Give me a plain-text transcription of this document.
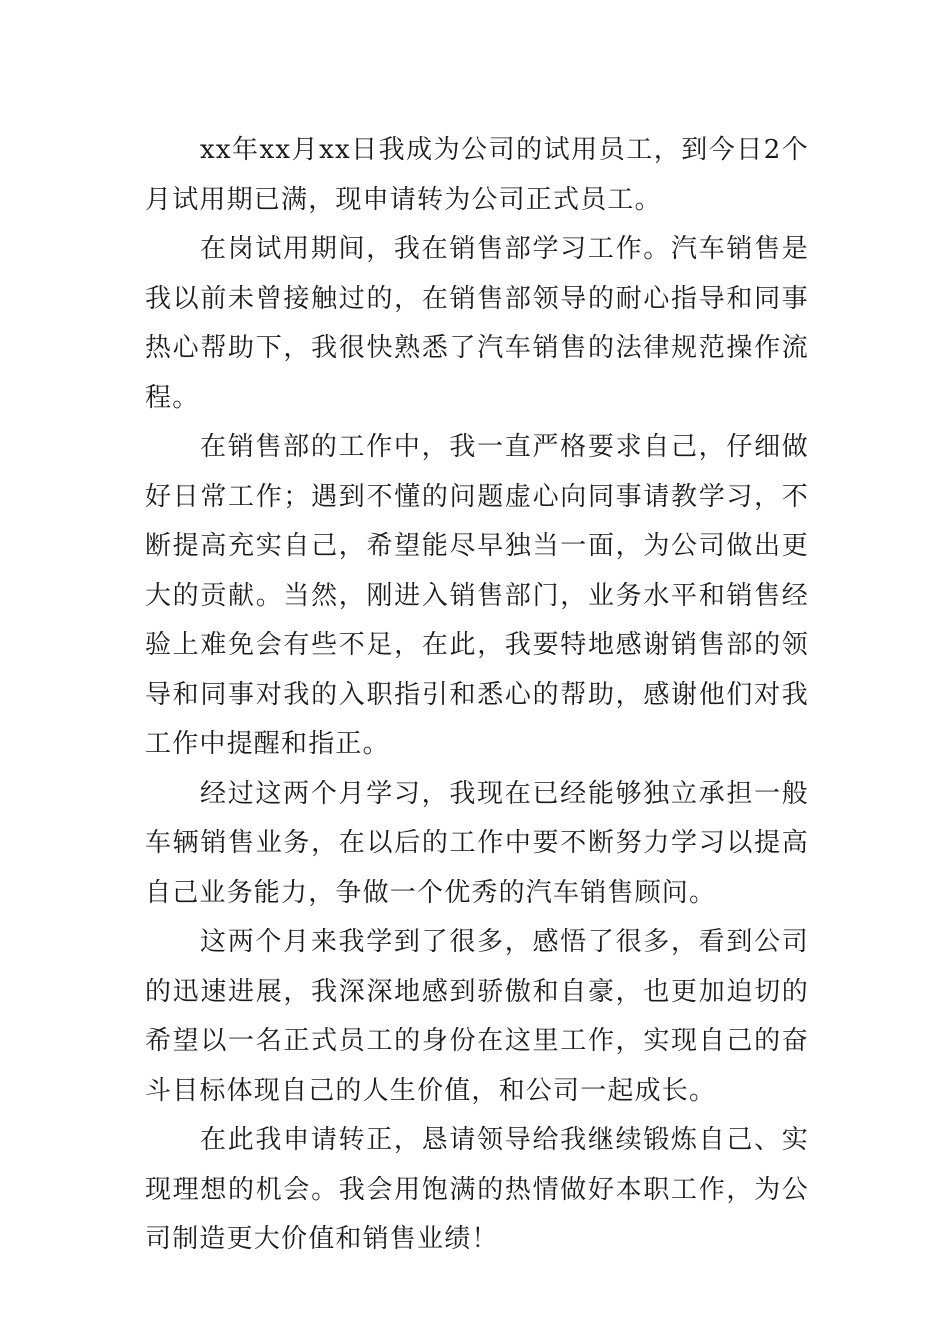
xx年xx月xx日我成为公司的试用员工，到今日2个月试用期已满，现申请转为公司正式员工。

在岗试用期间，我在销售部学习工作。汽车销售是我以前未曾接触过的，在销售部领导的耐心指导和同事热心帮助下，我很快熟悉了汽车销售的法律规范操作流程。

在销售部的工作中，我一直严格要求自己，仔细做好日常工作；遇到不懂的问题虚心向同事请教学习，不断提高充实自己，希望能尽早独当一面，为公司做出更大的贡献。当然，刚进入销售部门，业务水平和销售经验上难免会有些不足，在此，我要特地感谢销售部的领导和同事对我的入职指引和悉心的帮助，感谢他们对我工作中提醒和指正。

经过这两个月学习，我现在已经能够独立承担一般车辆销售业务，在以后的工作中要不断努力学习以提高自己业务能力，争做一个优秀的汽车销售顾问。

这两个月来我学到了很多，感悟了很多，看到公司的迅速进展，我深深地感到骄傲和自豪，也更加迫切的希望以一名正式员工的身份在这里工作，实现自己的奋斗目标体现自己的人生价值，和公司一起成长。

在此我申请转正，恳请领导给我继续锻炼自己、实现理想的机会。我会用饱满的热情做好本职工作，为公司制造更大价值和销售业绩！
